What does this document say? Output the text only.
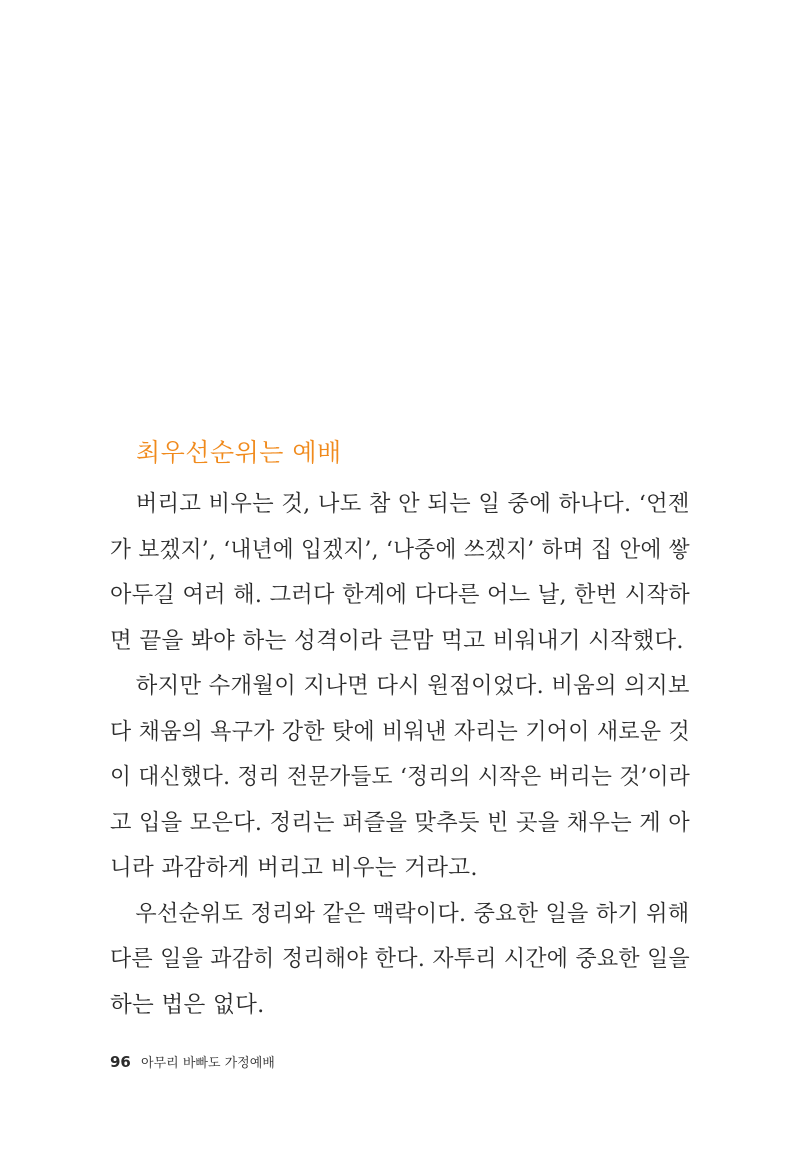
최우선순위는 예배

버리고 비우는 것, 나도 참 안 되는 일 중에 하나다. ‘언젠
가 보겠지’, ‘내년에 입겠지’, ‘나중에 쓰겠지’ 하며 집 안에 쌓
아두길 여러 해. 그러다 한계에 다다른 어느 날, 한번 시작하
면 끝을 봐야 하는 성격이라 큰맘 먹고 비워내기 시작했다.

하지만 수개월이 지나면 다시 원점이었다. 비움의 의지보
다 채움의 욕구가 강한 탓에 비워낸 자리는 기어이 새로운 것
이 대신했다. 정리 전문가들도 ‘정리의 시작은 버리는 것’이라
고 입을 모은다. 정리는 퍼즐을 맞추듯 빈 곳을 채우는 게 아
니라 과감하게 버리고 비우는 거라고.

우선순위도 정리와 같은 맥락이다. 중요한 일을 하기 위해
다른 일을 과감히 정리해야 한다. 자투리 시간에 중요한 일을
하는 법은 없다.

96 아무리 바빠도 가정예배
